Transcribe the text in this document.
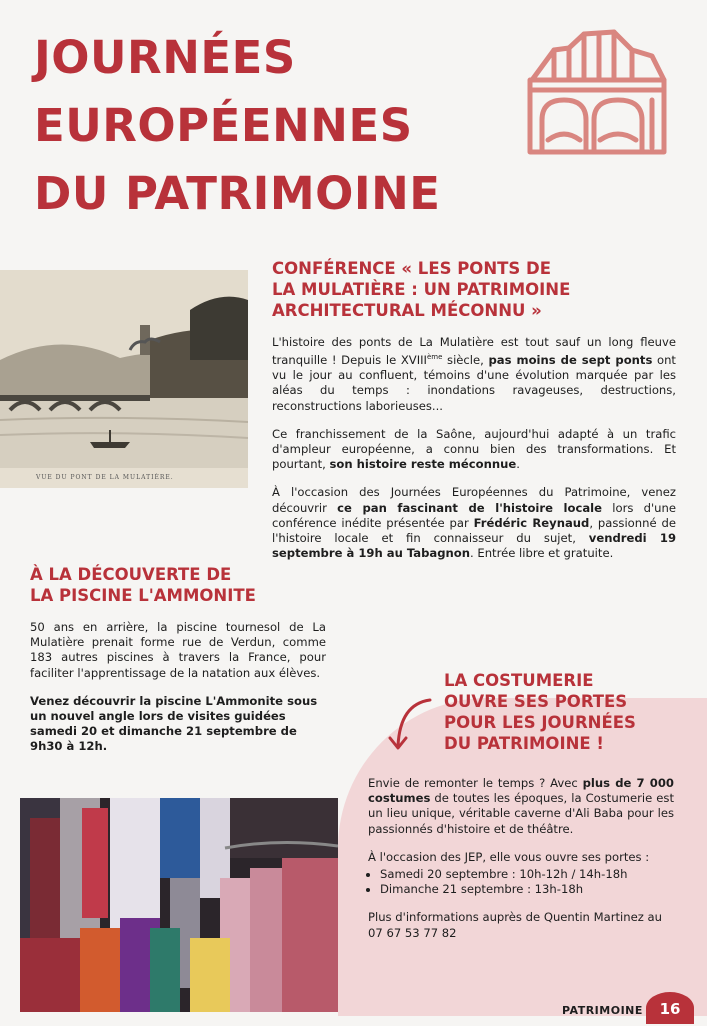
JOURNÉES
EUROPÉENNES
DU PATRIMOINE
VUE DU PONT DE LA MULATIÈRE.
CONFÉRENCE « LES PONTS DE
LA MULATIÈRE : UN PATRIMOINE
ARCHITECTURAL MÉCONNU »

L'histoire des ponts de La Mulatière est tout sauf un long fleuve tranquille ! Depuis le XVIIIème siècle, pas moins de sept ponts ont vu le jour au confluent, témoins d'une évolution marquée par les aléas du temps : inondations ravageuses, destructions, reconstructions laborieuses...

Ce franchissement de la Saône, aujourd'hui adapté à un trafic d'ampleur européenne, a connu bien des transformations. Et pourtant, son histoire reste méconnue.

À l'occasion des Journées Européennes du Patrimoine, venez découvrir ce pan fascinant de l'histoire locale lors d'une conférence inédite présentée par Frédéric Reynaud, passionné de l'histoire locale et fin connaisseur du sujet, vendredi 19 septembre à 19h au Tabagnon. Entrée libre et gratuite.

À LA DÉCOUVERTE DE
LA PISCINE L'AMMONITE

50 ans en arrière, la piscine tournesol de La Mulatière prenait forme rue de Verdun, comme 183 autres piscines à travers la France, pour faciliter l'apprentissage de la natation aux élèves.

Venez découvrir la piscine L'Ammonite sous un nouvel angle lors de visites guidées samedi 20 et dimanche 21 septembre de 9h30 à 12h.

LA COSTUMERIE
OUVRE SES PORTES
POUR LES JOURNÉES
DU PATRIMOINE !

Envie de remonter le temps ? Avec plus de 7 000 costumes de toutes les époques, la Costumerie est un lieu unique, véritable caverne d'Ali Baba pour les passionnés d'histoire et de théâtre.

À l'occasion des JEP, elle vous ouvre ses portes :

• Samedi 20 septembre : 10h-12h / 14h-18h
• Dimanche 21 septembre : 13h-18h

Plus d'informations auprès de Quentin Martinez au 07 67 53 77 82

PATRIMOINE	16
